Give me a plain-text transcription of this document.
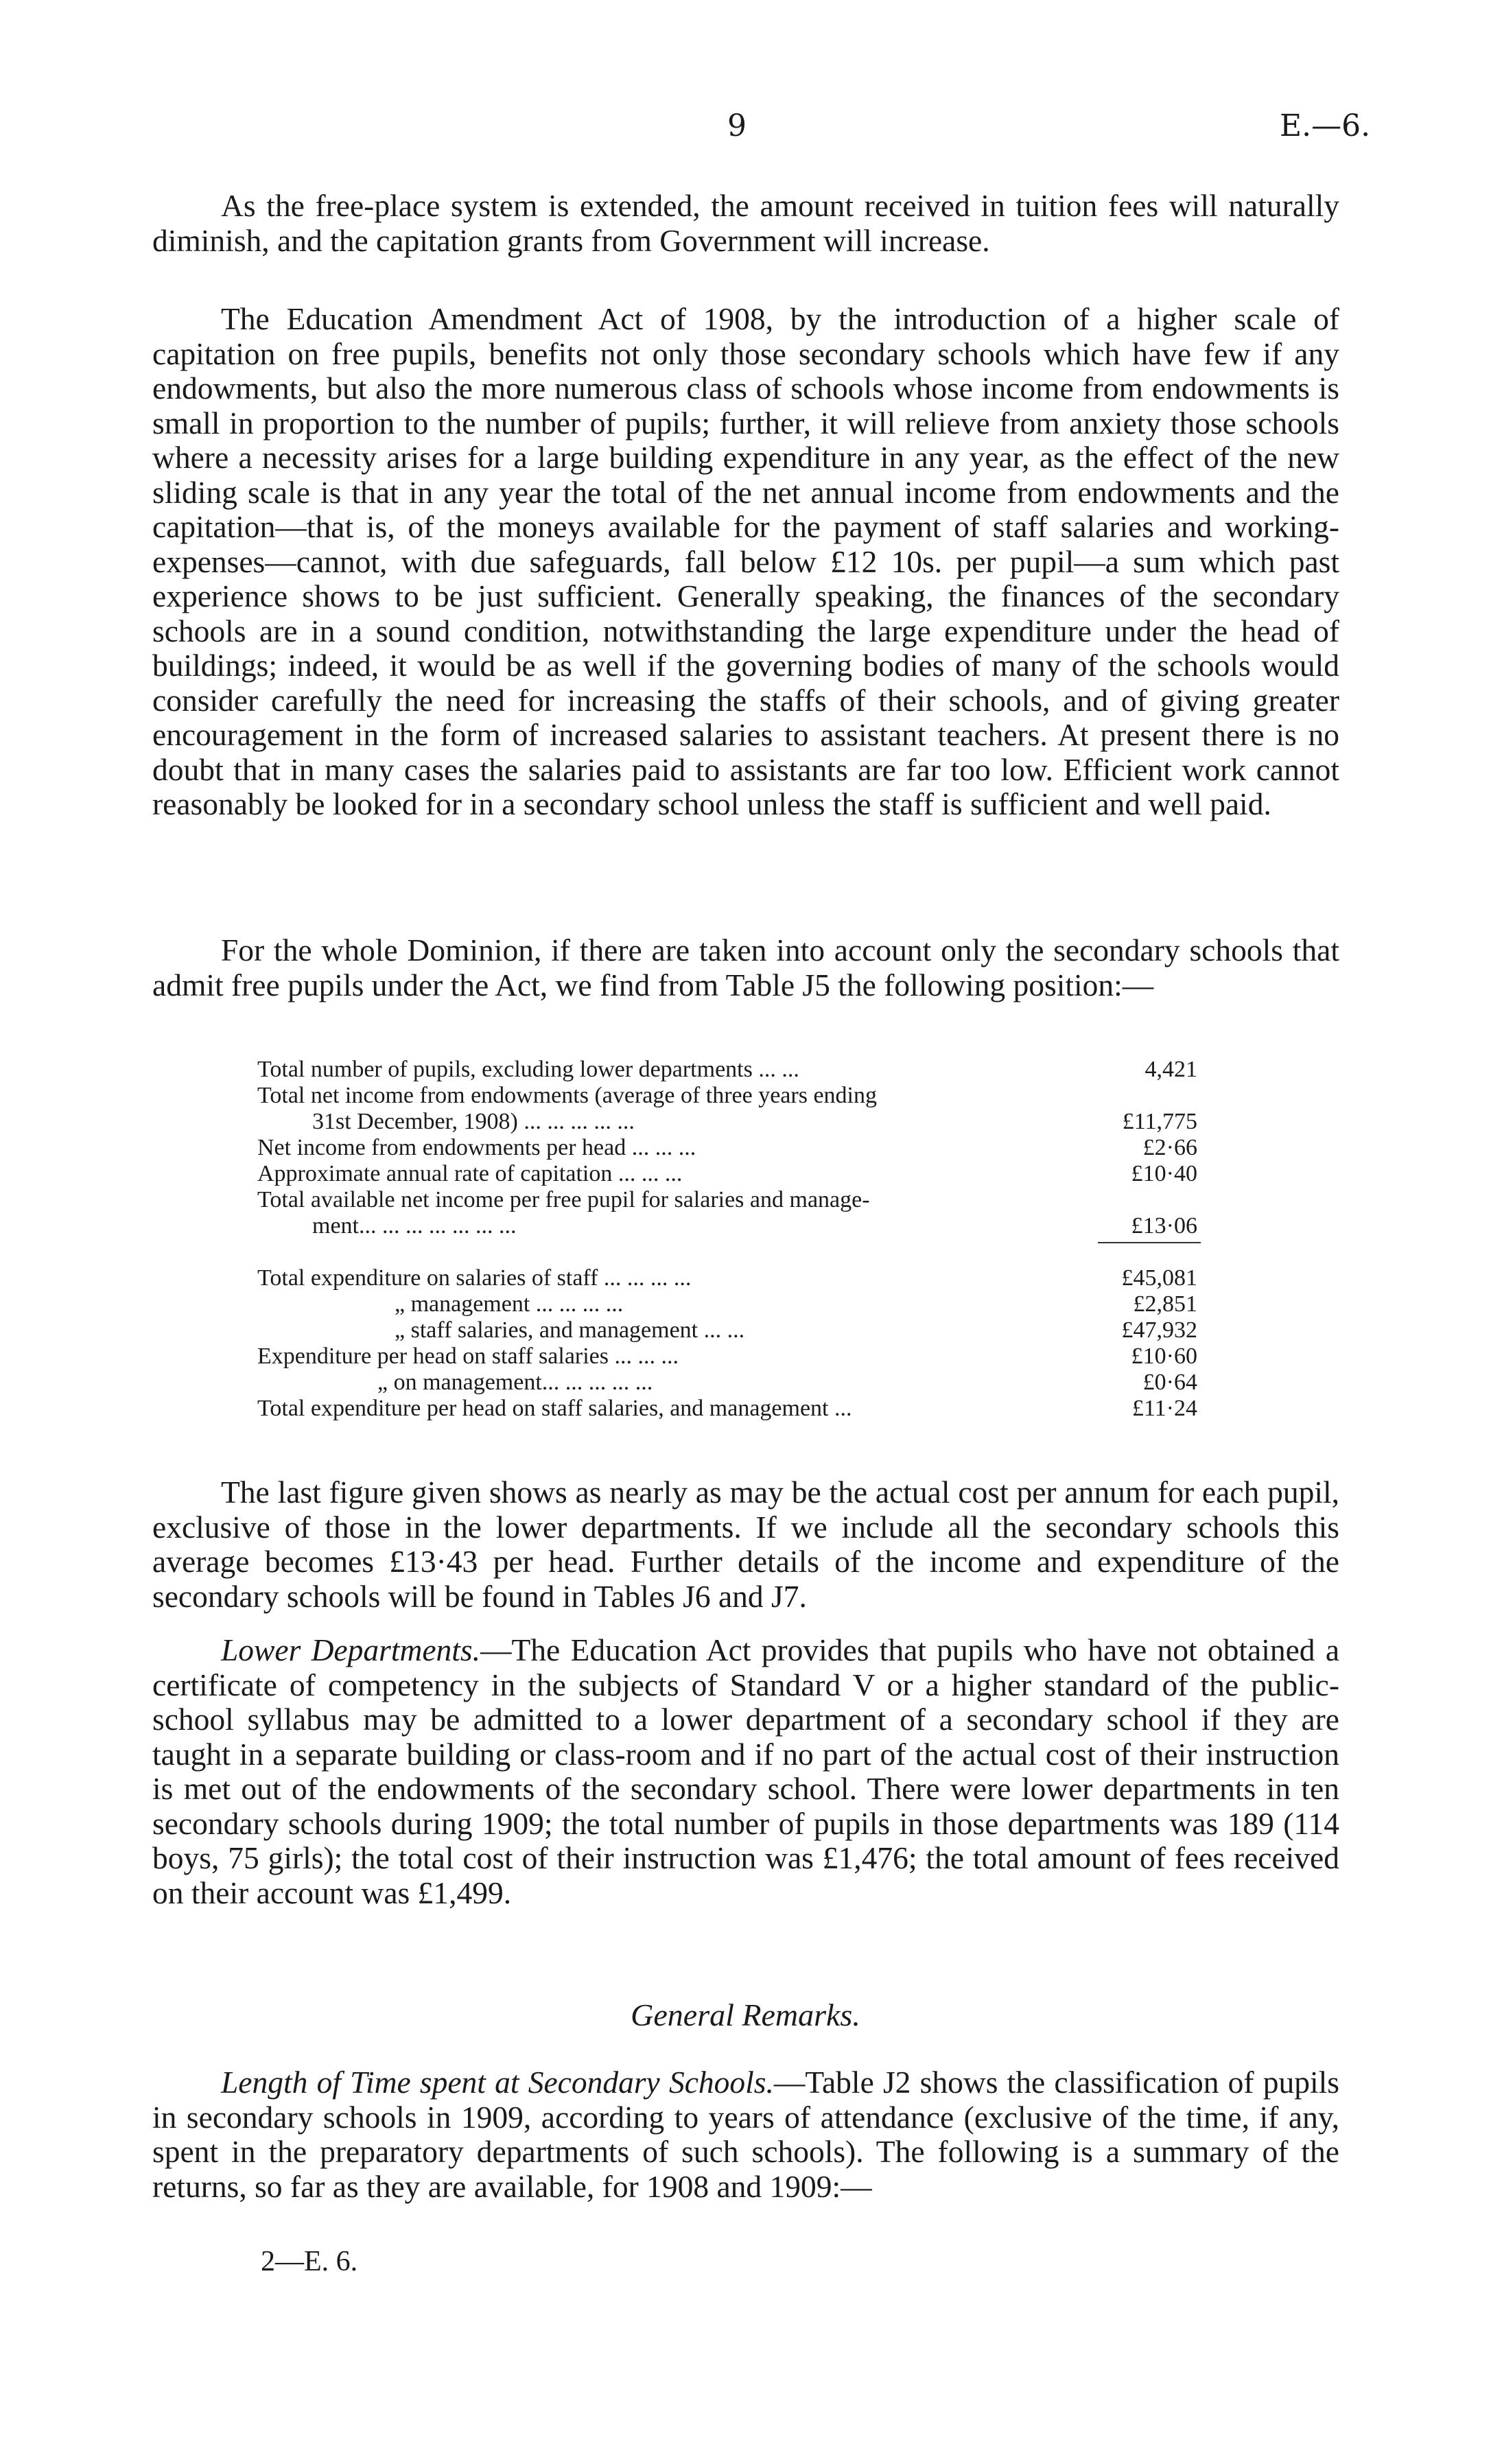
9	E.—6.

As the free-place system is extended, the amount received in tuition fees will naturally diminish, and the capitation grants from Government will increase.

The Education Amendment Act of 1908, by the introduction of a higher scale of capitation on free pupils, benefits not only those secondary schools which have few if any endowments, but also the more numerous class of schools whose income from endowments is small in proportion to the number of pupils; further, it will relieve from anxiety those schools where a necessity arises for a large building expenditure in any year, as the effect of the new sliding scale is that in any year the total of the net annual income from endowments and the capitation—that is, of the moneys available for the payment of staff salaries and working-expenses—cannot, with due safeguards, fall below £12 10s. per pupil—a sum which past experience shows to be just sufficient. Generally speaking, the finances of the secondary schools are in a sound condition, notwithstanding the large expenditure under the head of buildings; indeed, it would be as well if the governing bodies of many of the schools would consider carefully the need for increasing the staffs of their schools, and of giving greater encouragement in the form of increased salaries to assistant teachers. At present there is no doubt that in many cases the salaries paid to assistants are far too low. Efficient work cannot reasonably be looked for in a secondary school unless the staff is sufficient and well paid.

For the whole Dominion, if there are taken into account only the secondary schools that admit free pupils under the Act, we find from Table J5 the following position:—

Total number of pupils, excluding lower departments ... ...	4,421
Total net income from endowments (average of three years ending
31st December, 1908) ... ... ... ... ...	£11,775
Net income from endowments per head ... ... ...	£2·66
Approximate annual rate of capitation ... ... ...	£10·40
Total available net income per free pupil for salaries and manage-
ment... ... ... ... ... ... ...	£13·06
Total expenditure on salaries of staff ... ... ... ...	£45,081
„ management ... ... ... ...	£2,851
„ staff salaries, and management ... ...	£47,932
Expenditure per head on staff salaries ... ... ...	£10·60
„ on management... ... ... ... ...	£0·64
Total expenditure per head on staff salaries, and management ...	£11·24

The last figure given shows as nearly as may be the actual cost per annum for each pupil, exclusive of those in the lower departments. If we include all the secondary schools this average becomes £13·43 per head. Further details of the income and expenditure of the secondary schools will be found in Tables J6 and J7.

Lower Departments.—The Education Act provides that pupils who have not obtained a certificate of competency in the subjects of Standard V or a higher standard of the public-school syllabus may be admitted to a lower department of a secondary school if they are taught in a separate building or class-room and if no part of the actual cost of their instruction is met out of the endowments of the secondary school. There were lower departments in ten secondary schools during 1909; the total number of pupils in those departments was 189 (114 boys, 75 girls); the total cost of their instruction was £1,476; the total amount of fees received on their account was £1,499.

General Remarks.

Length of Time spent at Secondary Schools.—Table J2 shows the classification of pupils in secondary schools in 1909, according to years of attendance (exclusive of the time, if any, spent in the preparatory departments of such schools). The following is a summary of the returns, so far as they are available, for 1908 and 1909:—

2—E. 6.
